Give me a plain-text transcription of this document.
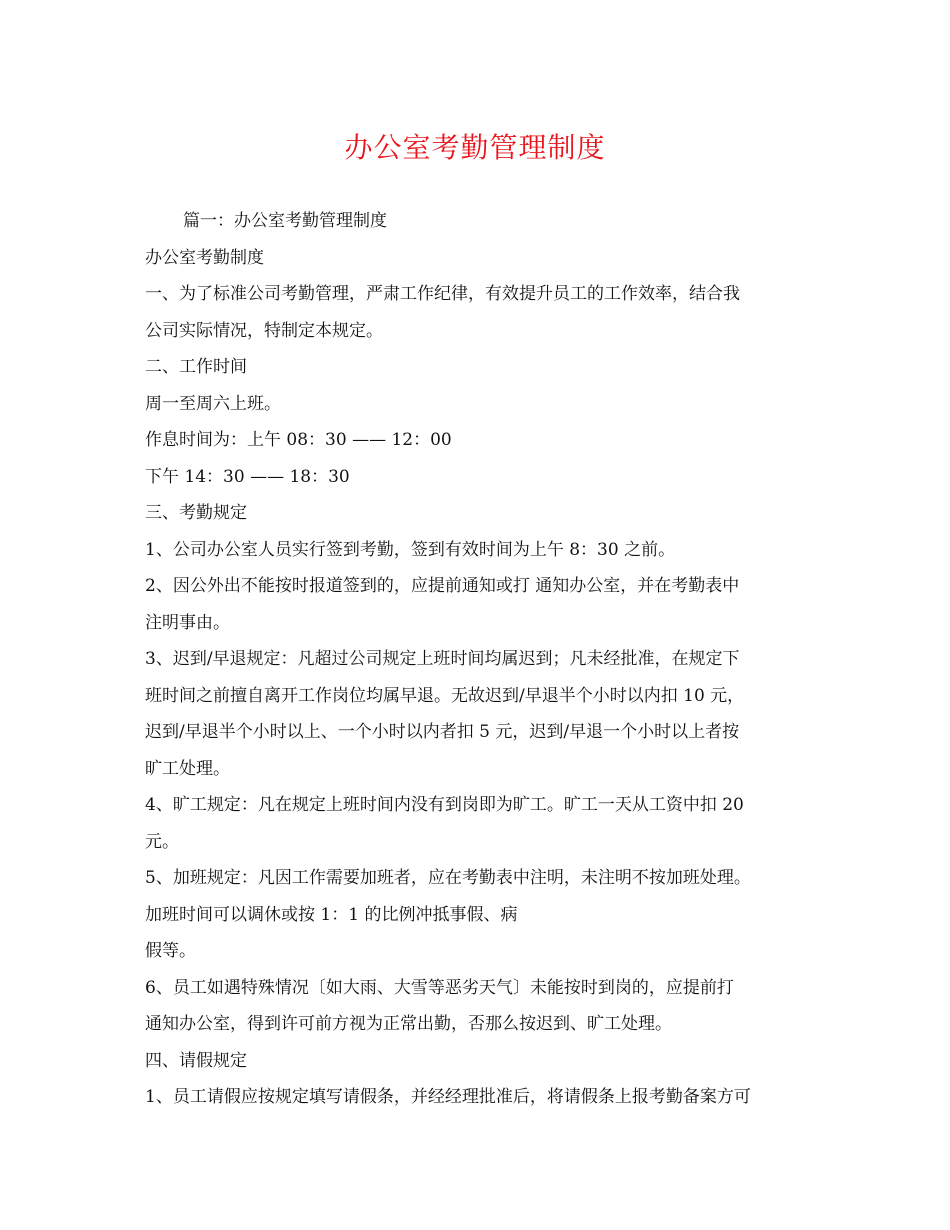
办公室考勤管理制度
篇一：办公室考勤管理制度
办公室考勤制度
一、为了标准公司考勤管理，严肃工作纪律，有效提升员工的工作效率，结合我
公司实际情况，特制定本规定。
二、工作时间
周一至周六上班。
作息时间为：上午 08：30 —— 12：00
下午 14：30 —— 18：30
三、考勤规定
1、公司办公室人员实行签到考勤，签到有效时间为上午 8：30 之前。
2、因公外出不能按时报道签到的，应提前通知或打 通知办公室，并在考勤表中
注明事由。
3、迟到/早退规定：凡超过公司规定上班时间均属迟到；凡未经批准，在规定下
班时间之前擅自离开工作岗位均属早退。无故迟到/早退半个小时以内扣 10 元，
迟到/早退半个小时以上、一个小时以内者扣 5 元，迟到/早退一个小时以上者按
旷工处理。
4、旷工规定：凡在规定上班时间内没有到岗即为旷工。旷工一天从工资中扣 20
元。
5、加班规定：凡因工作需要加班者，应在考勤表中注明，未注明不按加班处理。
加班时间可以调休或按 1：1 的比例冲抵事假、病
假等。
6、员工如遇特殊情况〔如大雨、大雪等恶劣天气〕未能按时到岗的，应提前打
通知办公室，得到许可前方视为正常出勤，否那么按迟到、旷工处理。
四、请假规定
1、员工请假应按规定填写请假条，并经经理批准后，将请假条上报考勤备案方可
